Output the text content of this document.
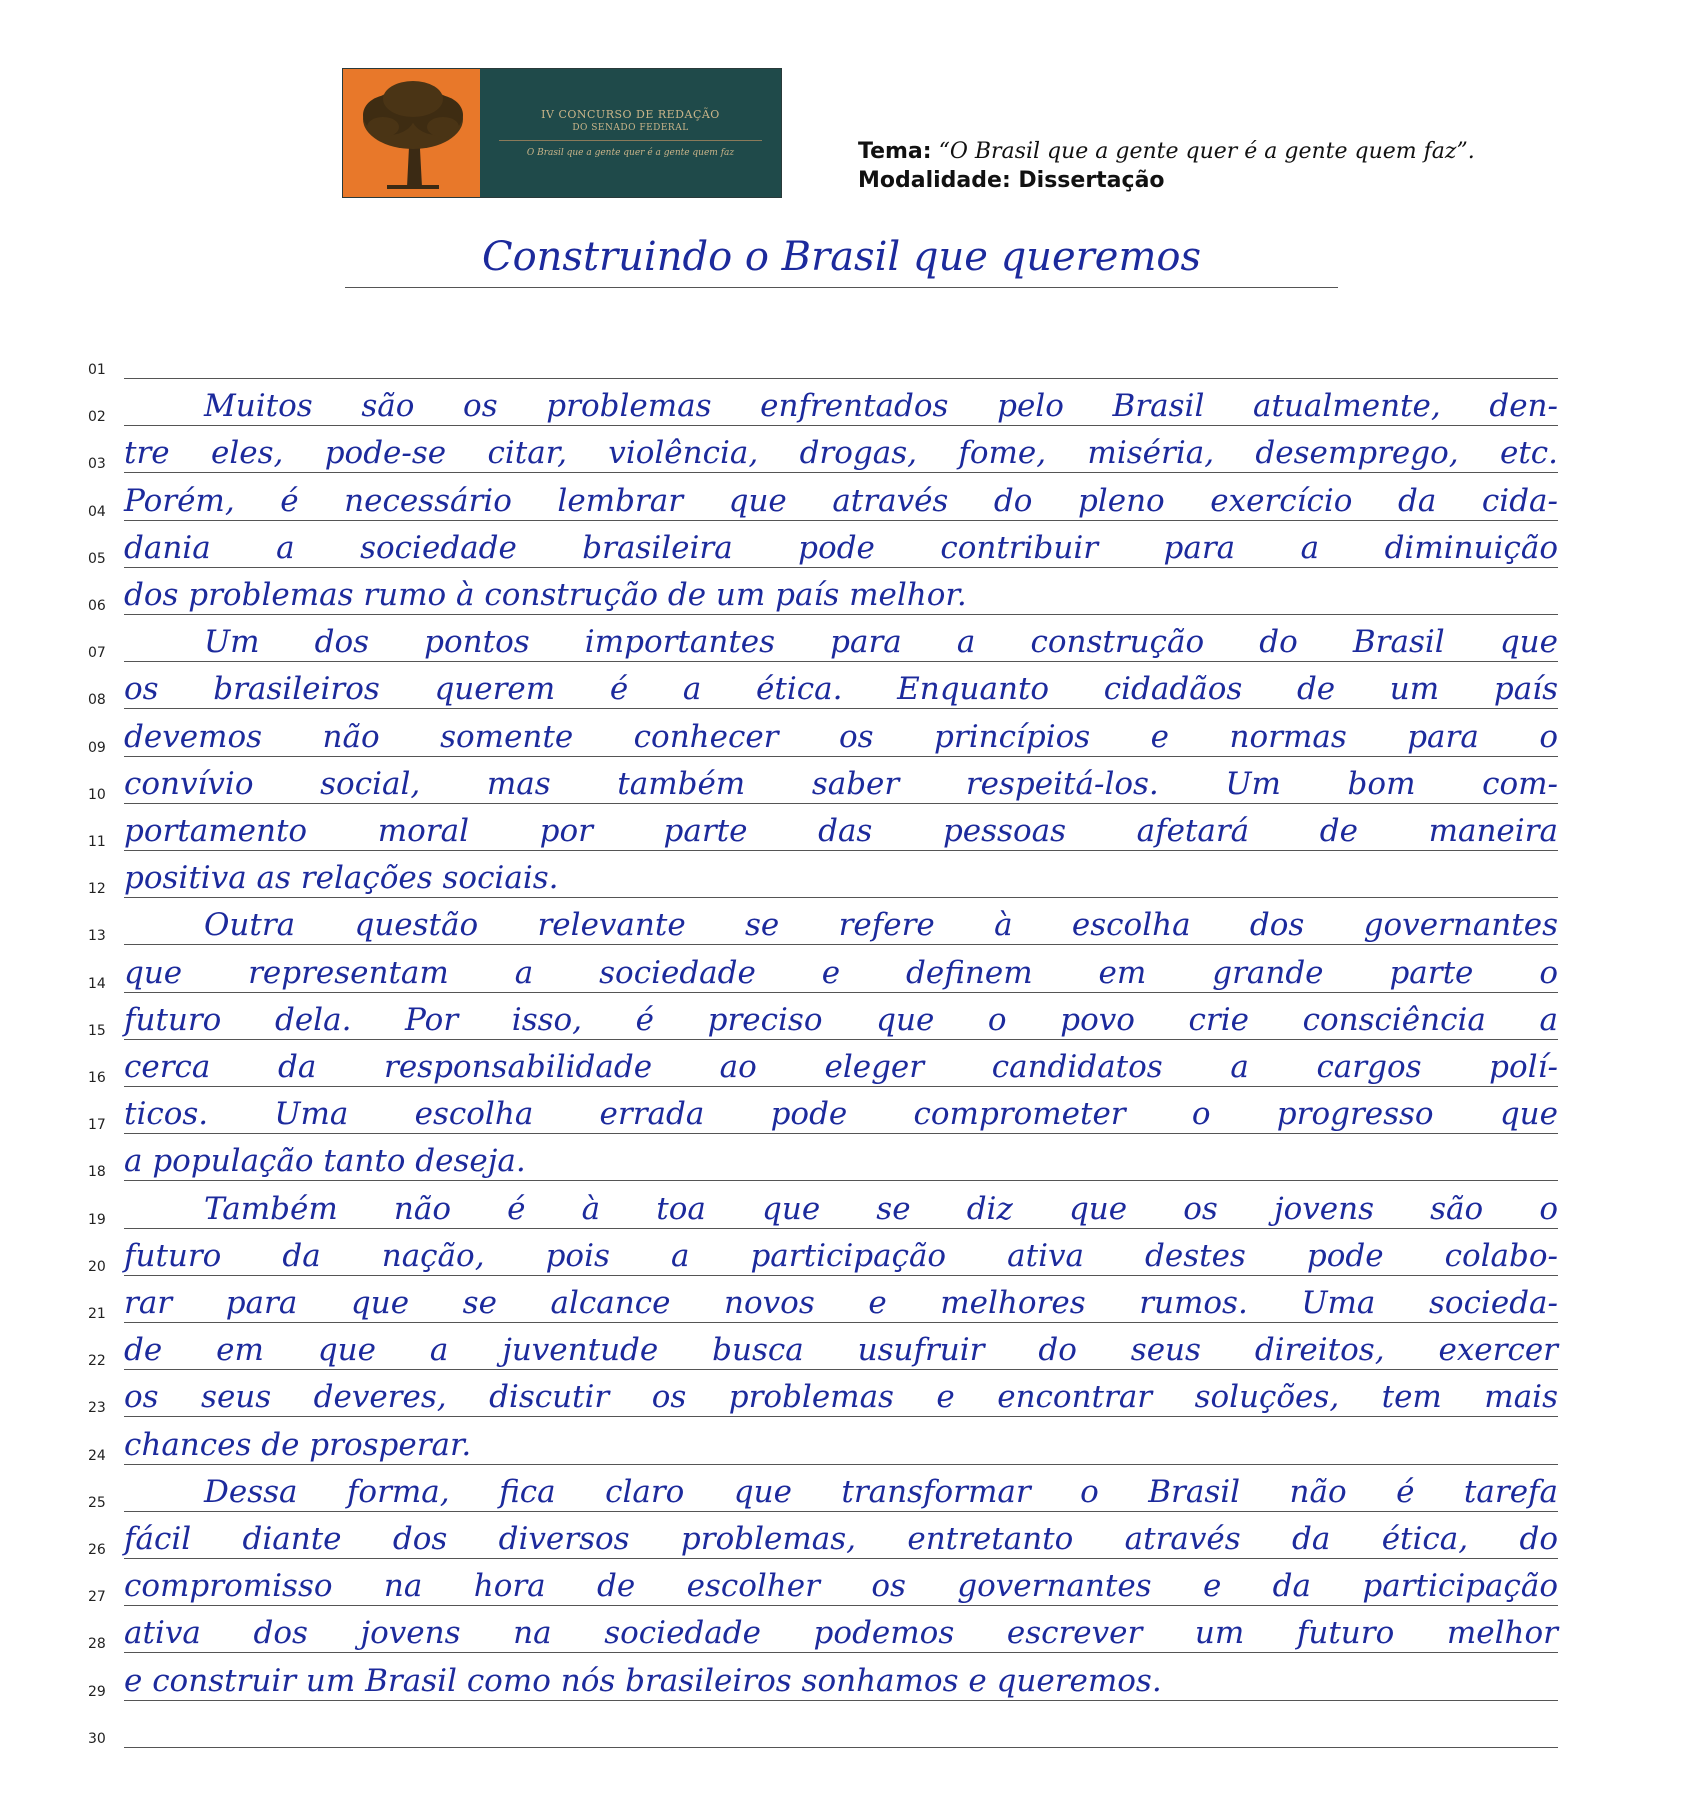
IV CONCURSO DE REDAÇÃO
DO SENADO FEDERAL
O Brasil que a gente quer é a gente quem faz	Tema: “O Brasil que a gente quer é a gente quem faz”.
Modalidade: Dissertação
Construindo o Brasil que queremos
01
02	Muitos são os problemas enfrentados pelo Brasil atualmente, den-
03 tre eles, pode-se citar, violência, drogas, fome, miséria, desemprego, etc.
04 Porém, é necessário lembrar que através do pleno exercício da cida-
05 dania a sociedade brasileira pode contribuir para a diminuição
06 dos problemas rumo à construção de um país melhor.
07	Um dos pontos importantes para a construção do Brasil que
08 os brasileiros querem é a ética. Enquanto cidadãos de um país
09 devemos não somente conhecer os princípios e normas para o
10 convívio social, mas também saber respeitá-los. Um bom com-
11 portamento moral por parte das pessoas afetará de maneira
12 positiva as relações sociais.
13	Outra questão relevante se refere à escolha dos governantes
14 que representam a sociedade e definem em grande parte o
15 futuro dela. Por isso, é preciso que o povo crie consciência a
16 cerca da responsabilidade ao eleger candidatos a cargos polí-
17 ticos. Uma escolha errada pode comprometer o progresso que
18 a população tanto deseja.
19	Também não é à toa que se diz que os jovens são o
20 futuro da nação, pois a participação ativa destes pode colabo-
21 rar para que se alcance novos e melhores rumos. Uma socieda-
22 de em que a juventude busca usufruir do seus direitos, exercer
23 os seus deveres, discutir os problemas e encontrar soluções, tem mais
24 chances de prosperar.
25	Dessa forma, fica claro que transformar o Brasil não é tarefa
26 fácil diante dos diversos problemas, entretanto através da ética, do
27 compromisso na hora de escolher os governantes e da participação
28 ativa dos jovens na sociedade podemos escrever um futuro melhor
29 e construir um Brasil como nós brasileiros sonhamos e queremos.
30
